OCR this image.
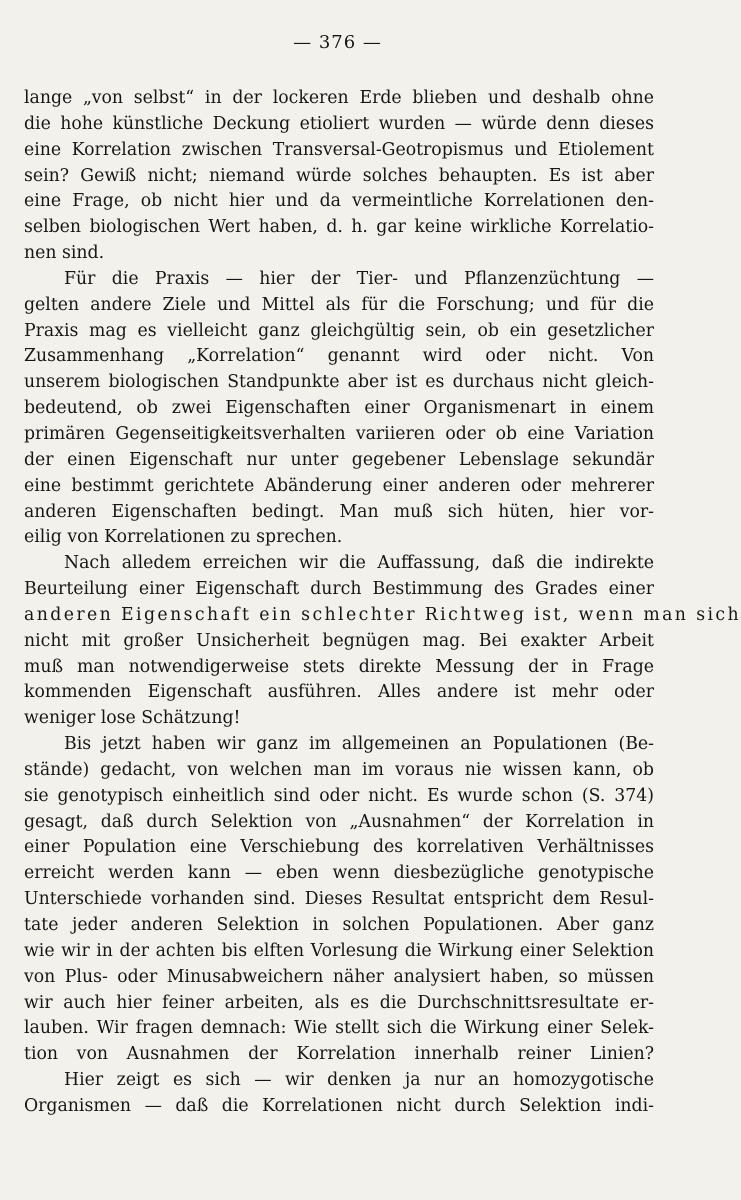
— 376 —
lange „von selbst“ in der lockeren Erde blieben und deshalb ohne
die hohe künstliche Deckung etioliert wurden — würde denn dieses
eine Korrelation zwischen Transversal-Geotropismus und Etiolement
sein? Gewiß nicht; niemand würde solches behaupten. Es ist aber
eine Frage, ob nicht hier und da vermeintliche Korrelationen den-
selben biologischen Wert haben, d. h. gar keine wirkliche Korrelatio-
nen sind.
Für die Praxis — hier der Tier- und Pflanzenzüchtung —
gelten andere Ziele und Mittel als für die Forschung; und für die
Praxis mag es vielleicht ganz gleichgültig sein, ob ein gesetzlicher
Zusammenhang „Korrelation“ genannt wird oder nicht. Von
unserem biologischen Standpunkte aber ist es durchaus nicht gleich-
bedeutend, ob zwei Eigenschaften einer Organismenart in einem
primären Gegenseitigkeitsverhalten variieren oder ob eine Variation
der einen Eigenschaft nur unter gegebener Lebenslage sekundär
eine bestimmt gerichtete Abänderung einer anderen oder mehrerer
anderen Eigenschaften bedingt. Man muß sich hüten, hier vor-
eilig von Korrelationen zu sprechen.
Nach alledem erreichen wir die Auffassung, daß die indirekte
Beurteilung einer Eigenschaft durch Bestimmung des Grades einer
anderen Eigenschaft ein schlechter Richtweg ist, wenn man sich
nicht mit großer Unsicherheit begnügen mag. Bei exakter Arbeit
muß man notwendigerweise stets direkte Messung der in Frage
kommenden Eigenschaft ausführen. Alles andere ist mehr oder
weniger lose Schätzung!
Bis jetzt haben wir ganz im allgemeinen an Populationen (Be-
stände) gedacht, von welchen man im voraus nie wissen kann, ob
sie genotypisch einheitlich sind oder nicht. Es wurde schon (S. 374)
gesagt, daß durch Selektion von „Ausnahmen“ der Korrelation in
einer Population eine Verschiebung des korrelativen Verhältnisses
erreicht werden kann — eben wenn diesbezügliche genotypische
Unterschiede vorhanden sind. Dieses Resultat entspricht dem Resul-
tate jeder anderen Selektion in solchen Populationen. Aber ganz
wie wir in der achten bis elften Vorlesung die Wirkung einer Selektion
von Plus- oder Minusabweichern näher analysiert haben, so müssen
wir auch hier feiner arbeiten, als es die Durchschnittsresultate er-
lauben. Wir fragen demnach: Wie stellt sich die Wirkung einer Selek-
tion von Ausnahmen der Korrelation innerhalb reiner Linien?
Hier zeigt es sich — wir denken ja nur an homozygotische
Organismen — daß die Korrelationen nicht durch Selektion indi-
